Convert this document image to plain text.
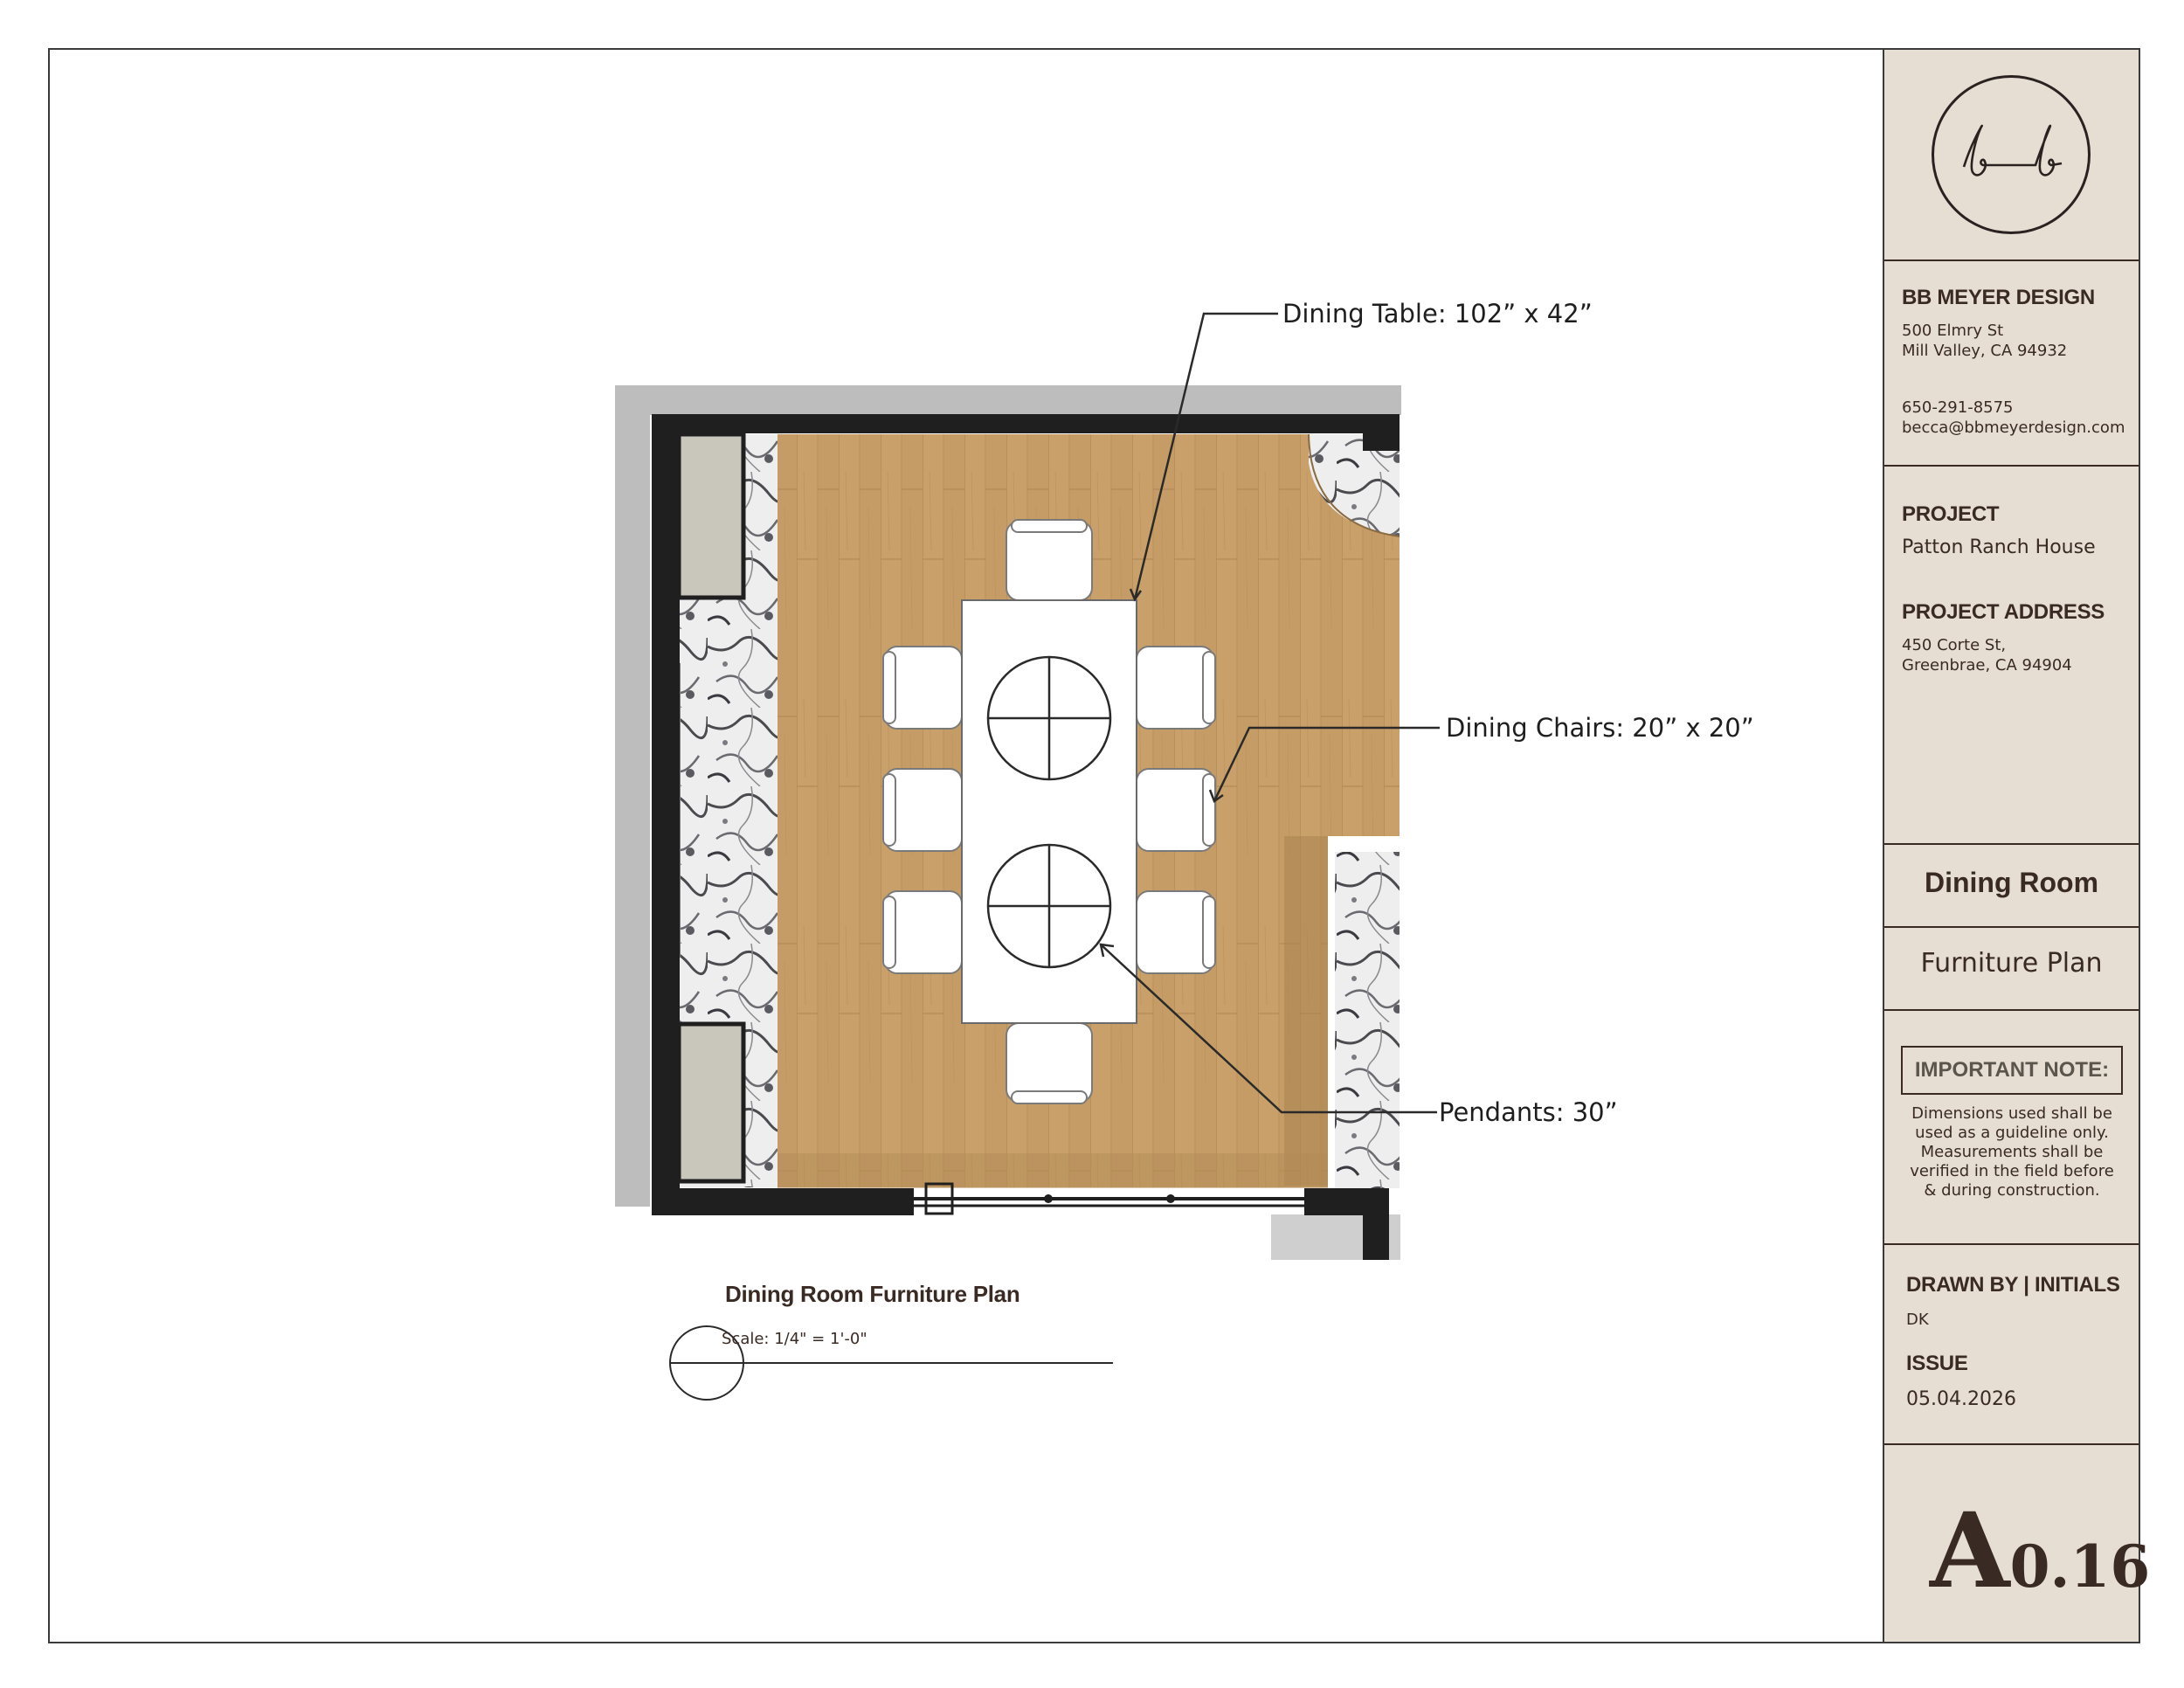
Dining Table: 102” x 42”
Dining Chairs: 20” x 20”
Pendants: 30”
Dining Room Furniture Plan
Scale: 1/4" = 1'-0"
BB MEYER DESIGN
500 Elmry St
Mill Valley, CA 94932
650-291-8575
becca@bbmeyerdesign.com
PROJECT
Patton Ranch House
PROJECT ADDRESS
450 Corte St,
Greenbrae, CA 94904
Dining Room
Furniture Plan
IMPORTANT NOTE:
Dimensions used shall be
used as a guideline only.
Measurements shall be
verified in the field before
& during construction.
DRAWN BY | INITIALS
DK
ISSUE
05.04.2026
A0.16
